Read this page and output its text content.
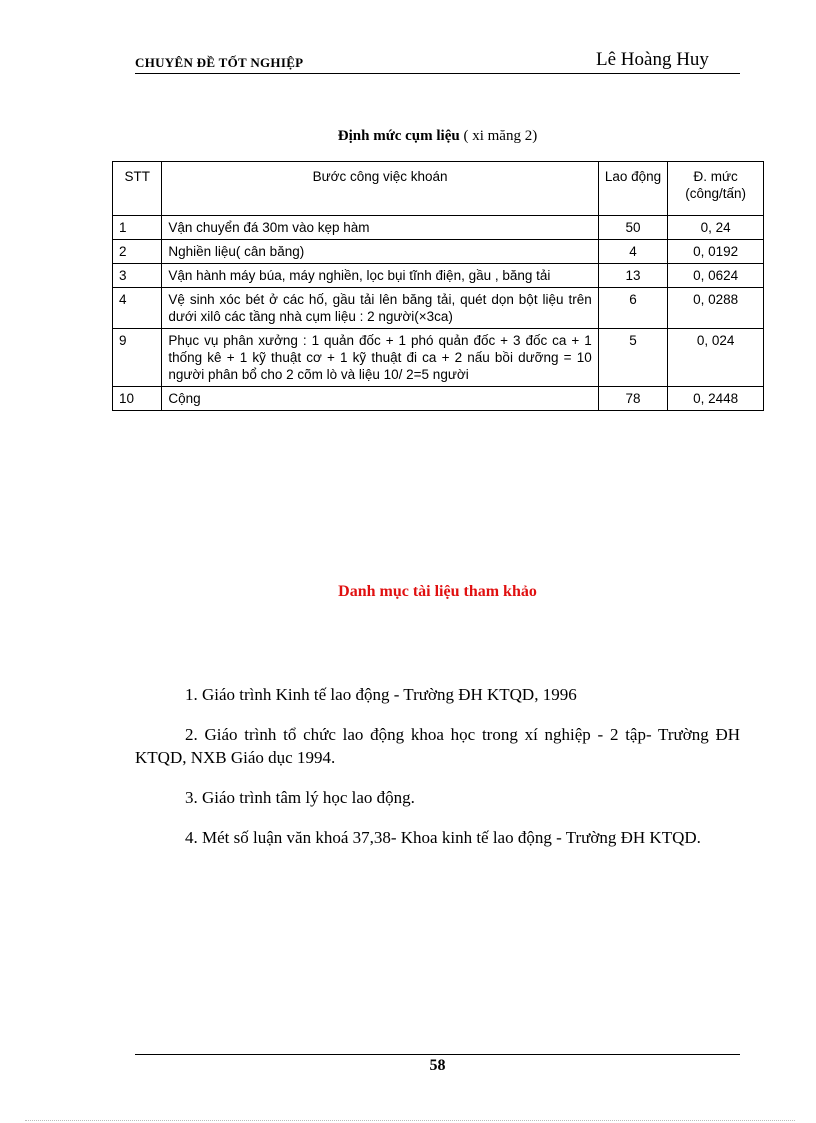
CHUYÊN ĐỀ TỐT NGHIỆP	Lê Hoàng Huy
Định mức cụm liệu ( xi măng 2)
STT	Bước công việc khoán	Lao động	Đ. mức (công/tấn)
1	Vận chuyển đá 30m vào kẹp hàm	50	0, 24
2	Nghiền liệu( cân băng)	4	0, 0192
3	Vận hành máy búa, máy nghiền, lọc bụi tĩnh điện, gầu , băng tải	13	0, 0624
4	Vệ sinh xóc bét ở các hố, gầu tải lên băng tải, quét dọn bột liệu trên dưới xilô các tầng nhà cụm liệu : 2 người(×3ca)	6	0, 0288
9	Phục vụ phân xưởng : 1 quản đốc + 1 phó quản đốc + 3 đốc ca + 1 thống kê + 1 kỹ thuật cơ + 1 kỹ thuật đi ca + 2 nấu bồi dưỡng = 10 người phân bổ cho 2 cõm lò và liệu 10/ 2=5 người	5	0, 024
10	Cộng	78	0, 2448
Danh mục tài liệu tham khảo
1. Giáo trình Kinh tế lao động - Trường ĐH KTQD, 1996
2. Giáo trình tổ chức lao động khoa học trong xí nghiệp - 2 tập- Trường ĐH KTQD, NXB Giáo dục 1994.
3. Giáo trình tâm lý học lao động.
4. Mét số luận văn khoá 37,38- Khoa kinh tế lao động - Trường ĐH KTQD.
58
